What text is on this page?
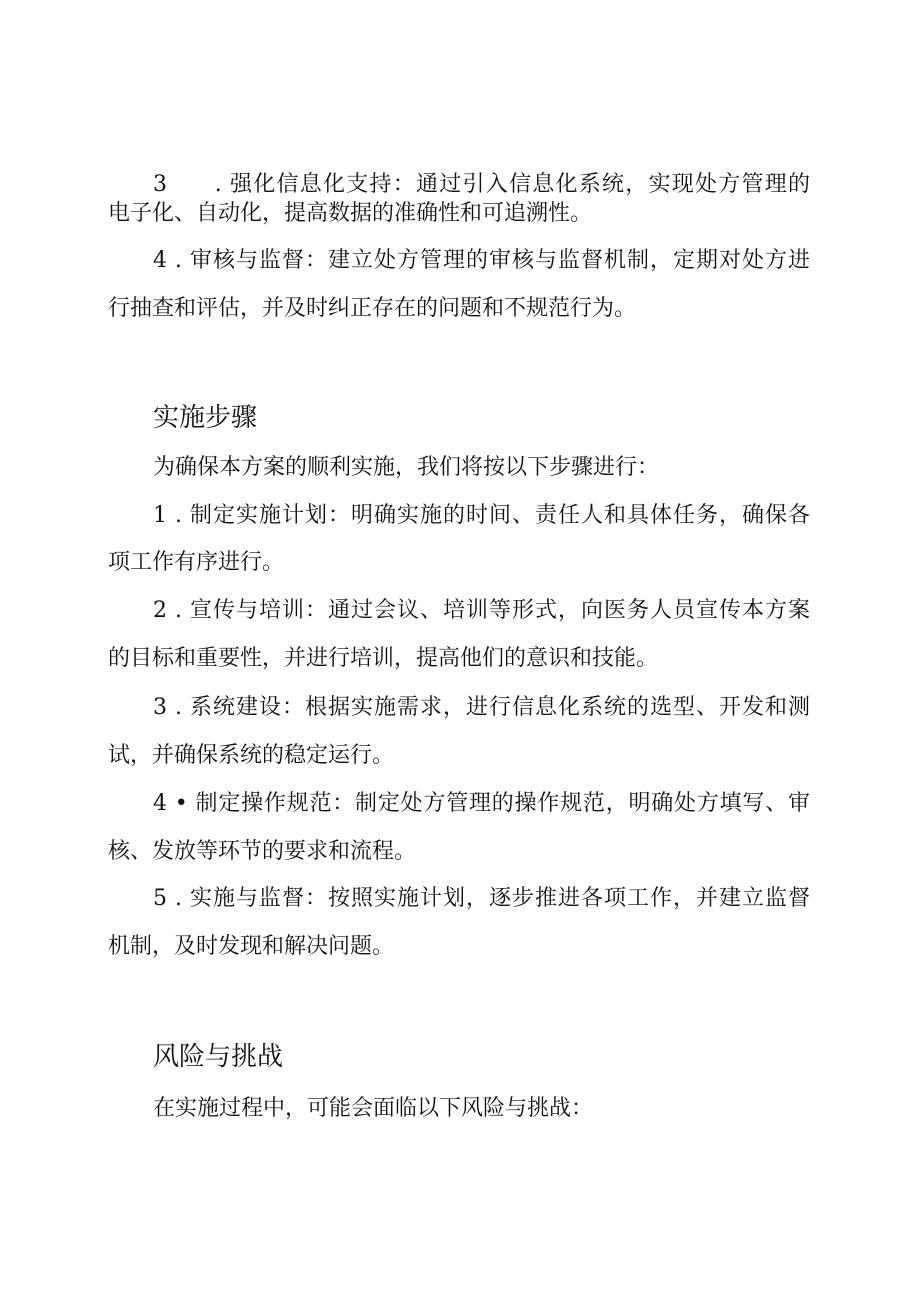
3　　. 强化信息化支持：通过引入信息化系统，实现处方管理的
电子化、自动化，提高数据的准确性和可追溯性。
4 . 审核与监督：建立处方管理的审核与监督机制，定期对处方进
行抽查和评估，并及时纠正存在的问题和不规范行为。
实施步骤
为确保本方案的顺利实施，我们将按以下步骤进行：
1 . 制定实施计划：明确实施的时间、责任人和具体任务，确保各
项工作有序进行。
2 . 宣传与培训：通过会议、培训等形式，向医务人员宣传本方案
的目标和重要性，并进行培训，提高他们的意识和技能。
3 . 系统建设：根据实施需求，进行信息化系统的选型、开发和测
试，并确保系统的稳定运行。
4 • 制定操作规范：制定处方管理的操作规范，明确处方填写、审
核、发放等环节的要求和流程。
5 . 实施与监督：按照实施计划，逐步推进各项工作，并建立监督
机制，及时发现和解决问题。
风险与挑战
在实施过程中，可能会面临以下风险与挑战：
